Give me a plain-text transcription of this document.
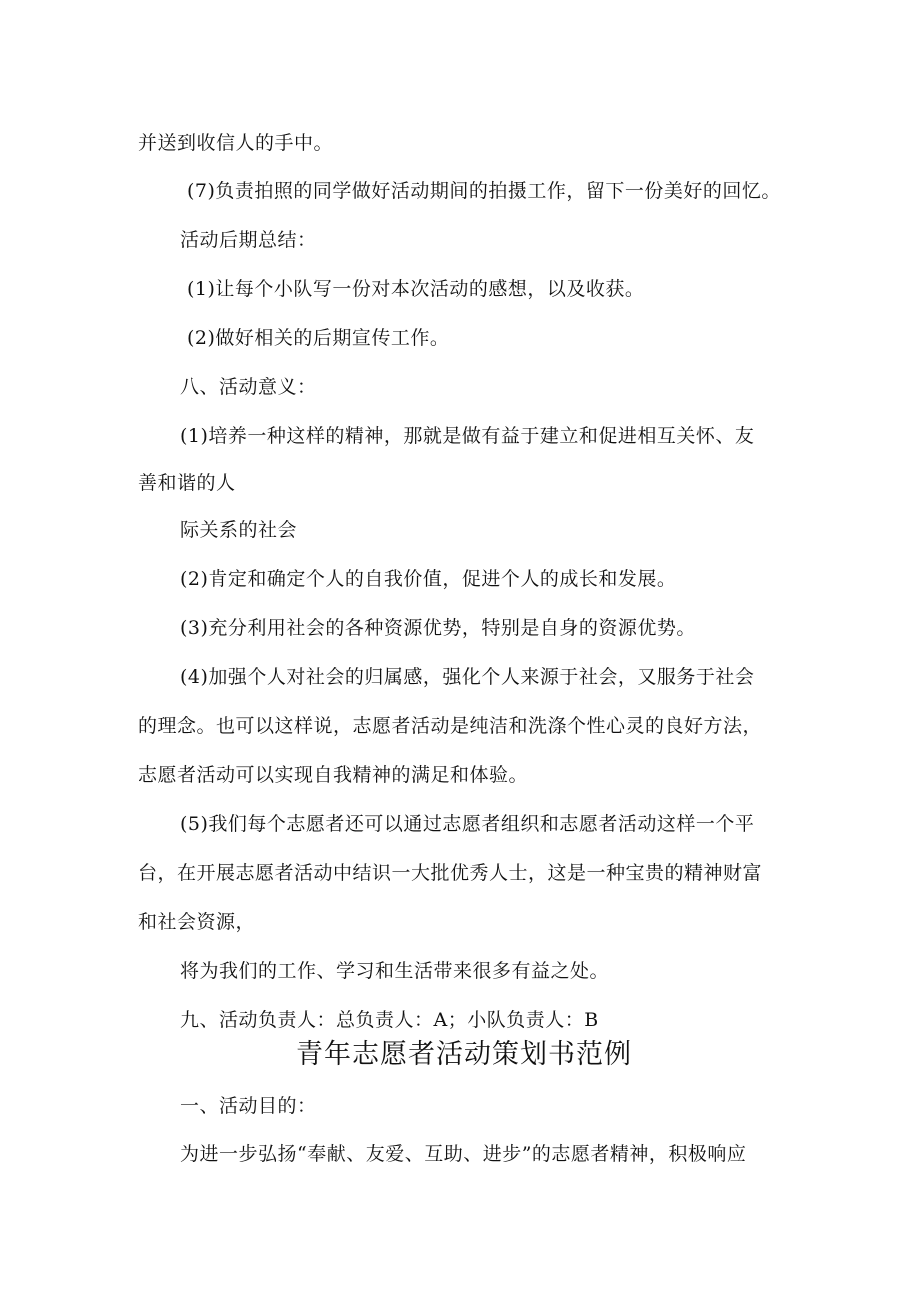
并送到收信人的手中。
(7)负责拍照的同学做好活动期间的拍摄工作，留下一份美好的回忆。
活动后期总结：
(1)让每个小队写一份对本次活动的感想，以及收获。
(2)做好相关的后期宣传工作。
八、活动意义：
(1)培养一种这样的精神，那就是做有益于建立和促进相互关怀、友
善和谐的人
际关系的社会
(2)肯定和确定个人的自我价值，促进个人的成长和发展。
(3)充分利用社会的各种资源优势，特别是自身的资源优势。
(4)加强个人对社会的归属感，强化个人来源于社会，又服务于社会
的理念。也可以这样说，志愿者活动是纯洁和洗涤个性心灵的良好方法，
志愿者活动可以实现自我精神的满足和体验。
(5)我们每个志愿者还可以通过志愿者组织和志愿者活动这样一个平
台，在开展志愿者活动中结识一大批优秀人士，这是一种宝贵的精神财富
和社会资源，
将为我们的工作、学习和生活带来很多有益之处。
九、活动负责人：总负责人：A；小队负责人：B
青年志愿者活动策划书范例
一、活动目的：
为进一步弘扬“奉献、友爱、互助、进步”的志愿者精神，积极响应
